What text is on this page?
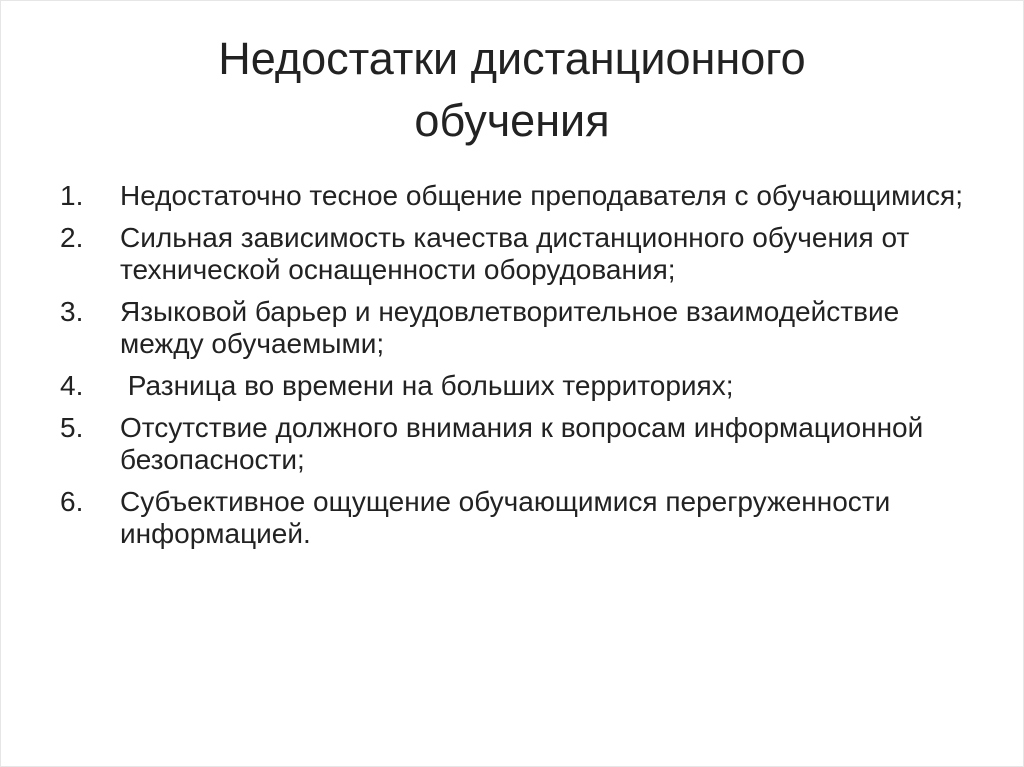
Недостатки дистанционного обучения
1.	Недостаточно тесное общение преподавателя с обучающимися;
2.	Сильная зависимость качества дистанционного обучения от технической оснащенности оборудования;
3.	Языковой барьер и неудовлетворительное взаимодействие между обучаемыми;
4.	Разница во времени на больших территориях;
5.	Отсутствие должного внимания к вопросам информационной безопасности;
6.	Субъективное ощущение обучающимися перегруженности информацией.
